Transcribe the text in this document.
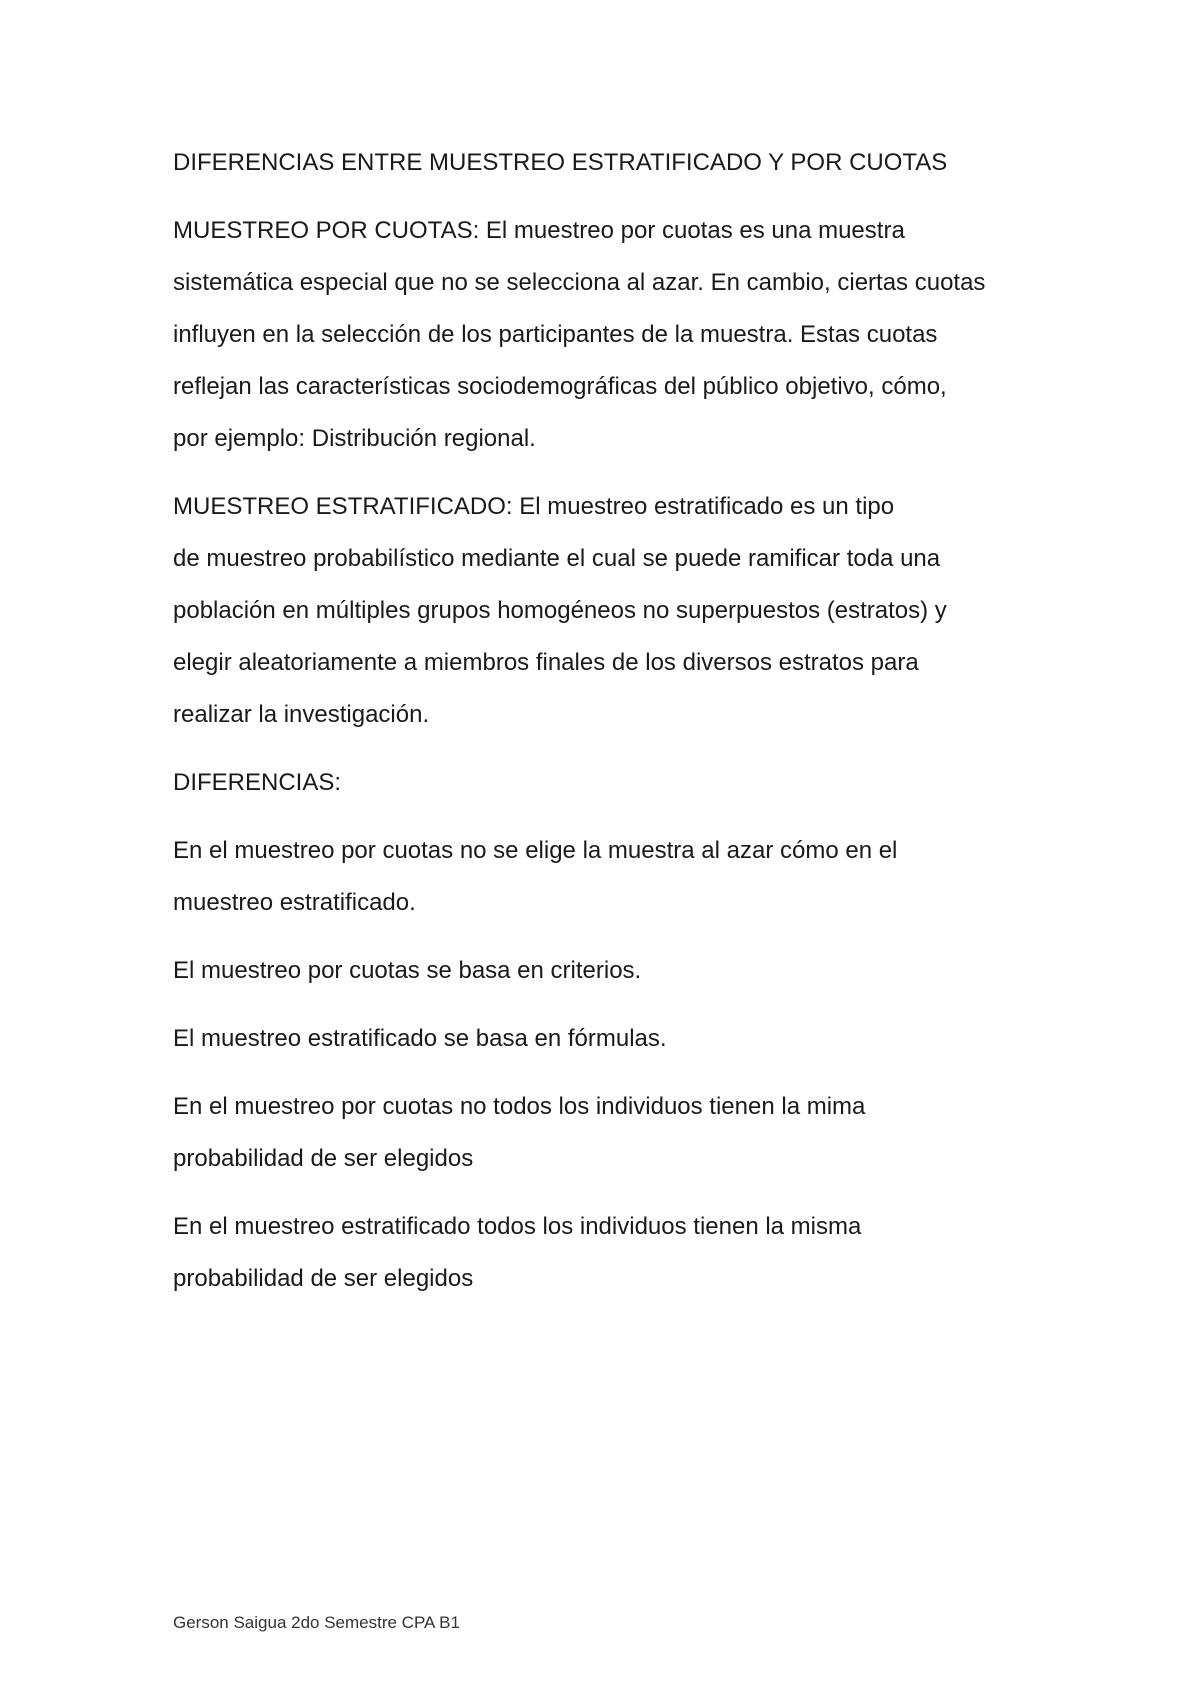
DIFERENCIAS ENTRE MUESTREO ESTRATIFICADO Y POR CUOTAS

MUESTREO POR CUOTAS: El muestreo por cuotas es una muestra

sistemática especial que no se selecciona al azar. En cambio, ciertas cuotas

influyen en la selección de los participantes de la muestra. Estas cuotas

reflejan las características sociodemográficas del público objetivo, cómo,

por ejemplo: Distribución regional.

MUESTREO ESTRATIFICADO: El muestreo estratificado es un tipo

de muestreo probabilístico mediante el cual se puede ramificar toda una

población en múltiples grupos homogéneos no superpuestos (estratos) y

elegir aleatoriamente a miembros finales de los diversos estratos para

realizar la investigación.

DIFERENCIAS:

En el muestreo por cuotas no se elige la muestra al azar cómo en el

muestreo estratificado.

El muestreo por cuotas se basa en criterios.

El muestreo estratificado se basa en fórmulas.

En el muestreo por cuotas no todos los individuos tienen la mima

probabilidad de ser elegidos

En el muestreo estratificado todos los individuos tienen la misma

probabilidad de ser elegidos

Gerson Saigua 2do Semestre CPA B1
